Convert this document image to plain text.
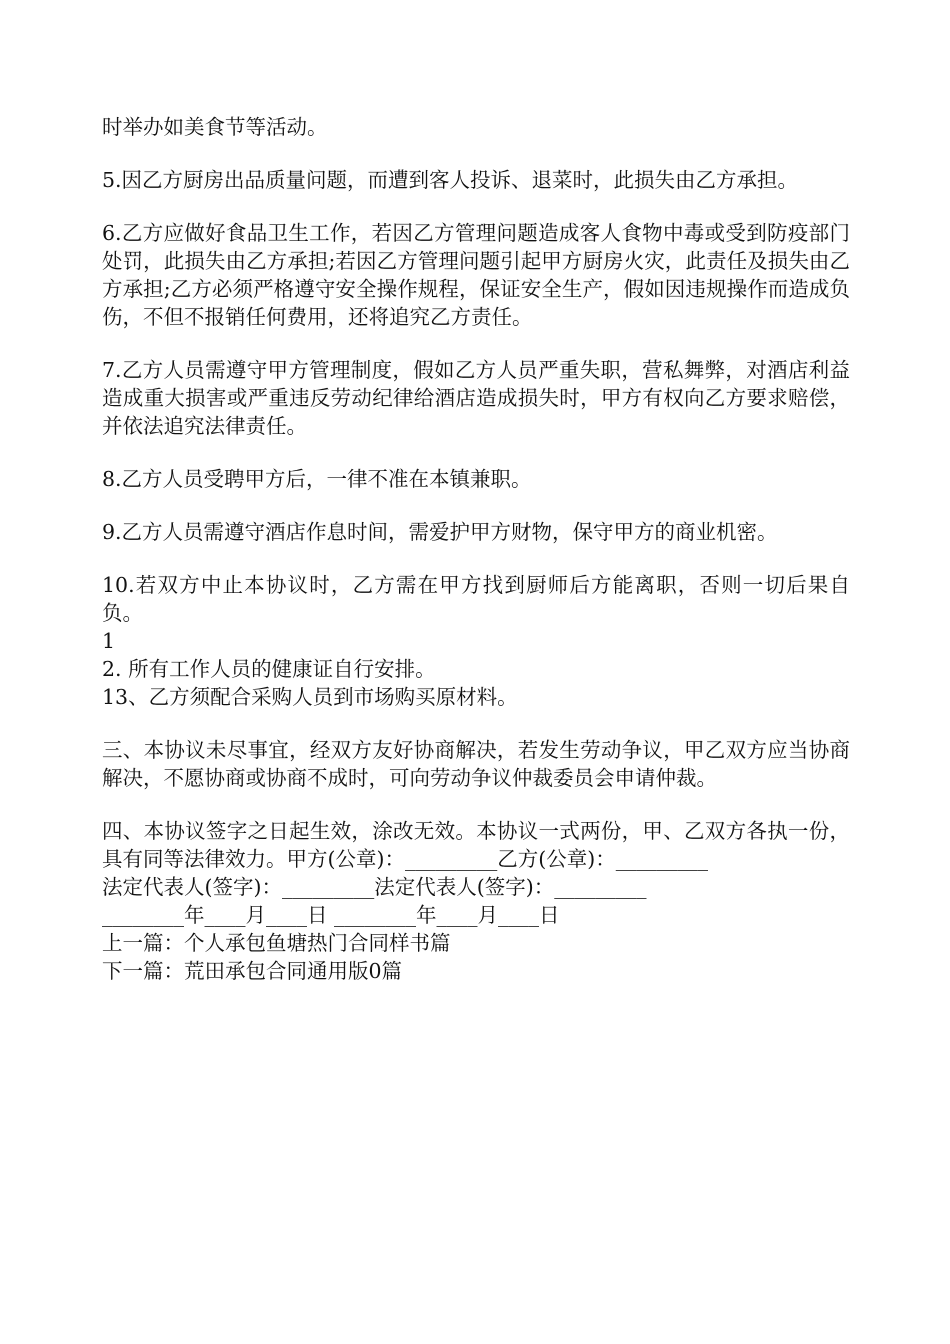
时举办如美食节等活动。

5.因乙方厨房出品质量问题，而遭到客人投诉、退菜时，此损失由乙方承担。

6.乙方应做好食品卫生工作，若因乙方管理问题造成客人食物中毒或受到防疫部门处罚，此损失由乙方承担;若因乙方管理问题引起甲方厨房火灾，此责任及损失由乙方承担;乙方必须严格遵守安全操作规程，保证安全生产，假如因违规操作而造成负伤，不但不报销任何费用，还将追究乙方责任。

7.乙方人员需遵守甲方管理制度，假如乙方人员严重失职，营私舞弊，对酒店利益造成重大损害或严重违反劳动纪律给酒店造成损失时，甲方有权向乙方要求赔偿，并依法追究法律责任。

8.乙方人员受聘甲方后，一律不准在本镇兼职。

9.乙方人员需遵守酒店作息时间，需爱护甲方财物，保守甲方的商业机密。

10.若双方中止本协议时，乙方需在甲方找到厨师后方能离职，否则一切后果自负。

1

2. 所有工作人员的健康证自行安排。

13、乙方须配合采购人员到市场购买原材料。

三、本协议未尽事宜，经双方友好协商解决，若发生劳动争议，甲乙双方应当协商解决，不愿协商或协商不成时，可向劳动争议仲裁委员会申请仲裁。

四、本协议签字之日起生效，涂改无效。本协议一式两份，甲、乙双方各执一份，具有同等法律效力。甲方(公章)：_________乙方(公章)：_________

法定代表人(签字)：_________法定代表人(签字)：_________

________年____月____日 ________年____月____日

上一篇：个人承包鱼塘热门合同样书篇

下一篇：荒田承包合同通用版0篇
